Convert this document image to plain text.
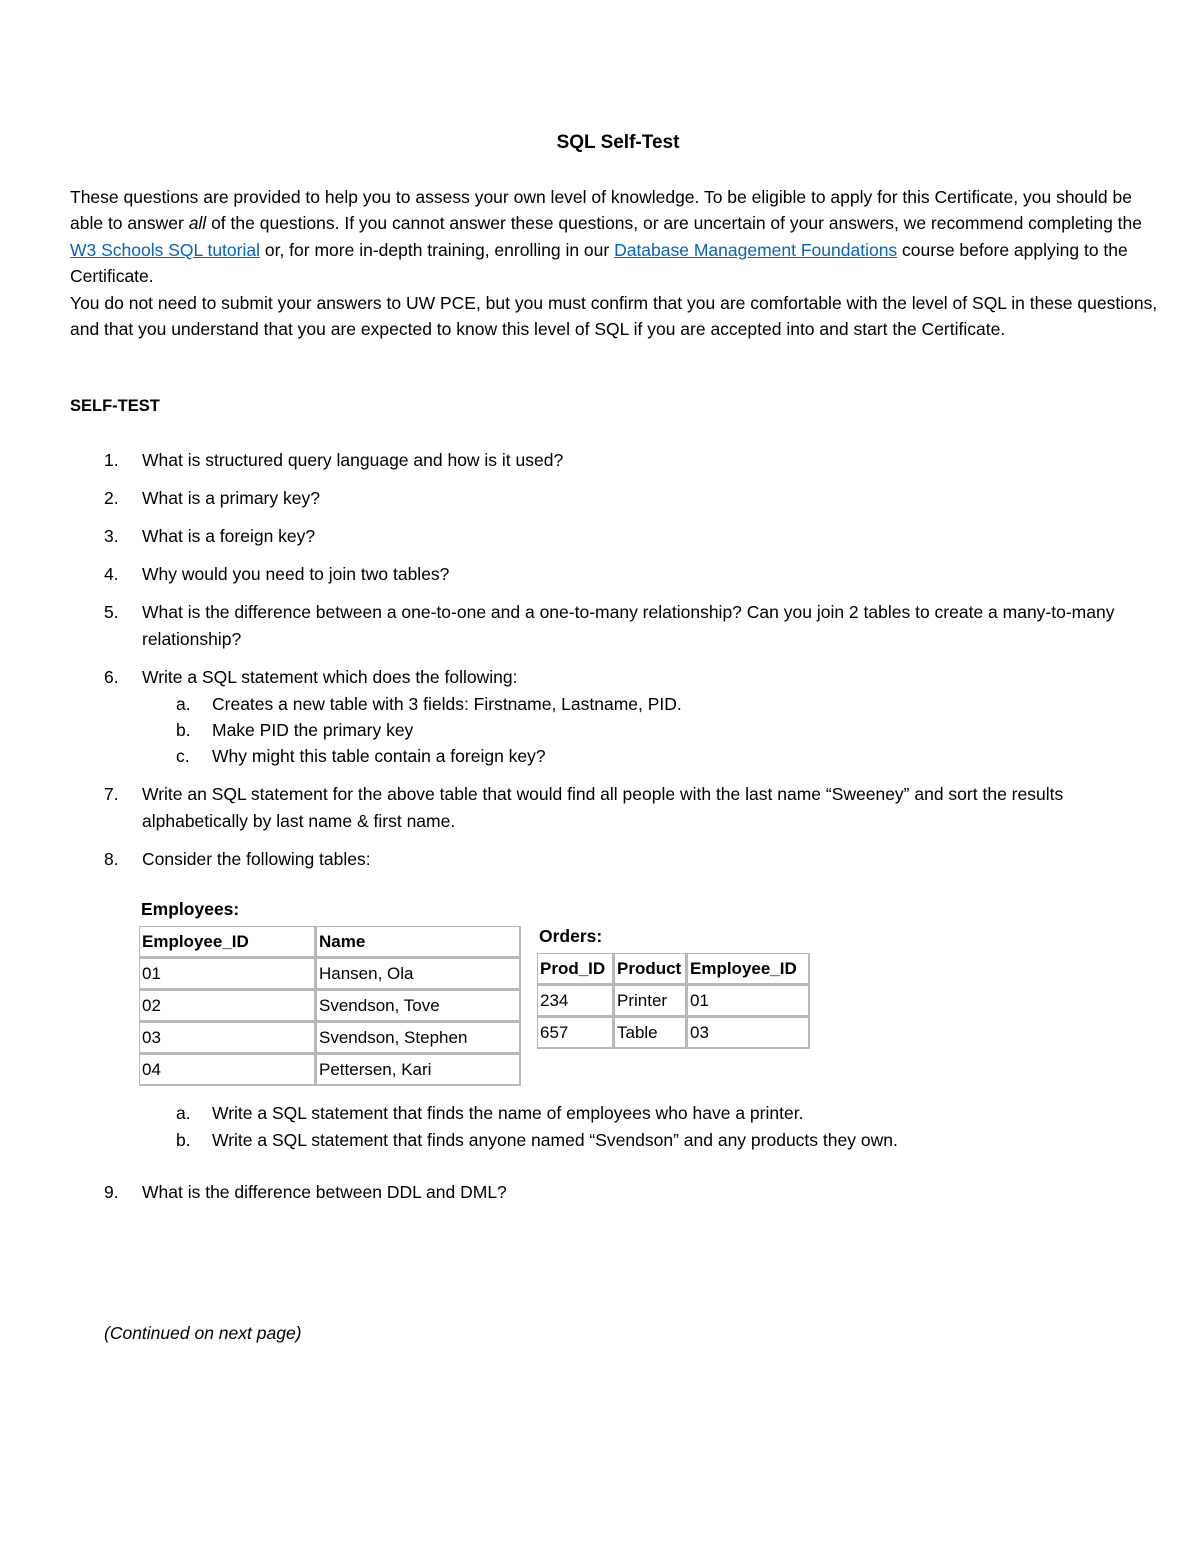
SQL Self-Test

These questions are provided to help you to assess your own level of knowledge. To be eligible to apply for this Certificate, you should be able to answer all of the questions. If you cannot answer these questions, or are uncertain of your answers, we recommend completing the W3 Schools SQL tutorial or, for more in-depth training, enrolling in our Database Management Foundations course before applying to the Certificate.

You do not need to submit your answers to UW PCE, but you must confirm that you are comfortable with the level of SQL in these questions, and that you understand that you are expected to know this level of SQL if you are accepted into and start the Certificate.

SELF-TEST
1.	What is structured query language and how is it used?
2.	What is a primary key?
3.	What is a foreign key?
4.	Why would you need to join two tables?
5.	What is the difference between a one-to-one and a one-to-many relationship? Can you join 2 tables to create a many-to-many relationship?
6.	Write a SQL statement which does the following:
a. Creates a new table with 3 fields: Firstname, Lastname, PID.
b. Make PID the primary key
c. Why might this table contain a foreign key?
7.	Write an SQL statement for the above table that would find all people with the last name “Sweeney” and sort the results alphabetically by last name & first name.
8.	Consider the following tables:
Employees:
Employee_ID	Name
01	Hansen, Ola
02	Svendson, Tove
03	Svendson, Stephen
04	Pettersen, Kari
Orders:
Prod_ID	Product	Employee_ID
234	Printer	01
657	Table	03
a. Write a SQL statement that finds the name of employees who have a printer.
b. Write a SQL statement that finds anyone named “Svendson” and any products they own.
9.	What is the difference between DDL and DML?
(Continued on next page)
